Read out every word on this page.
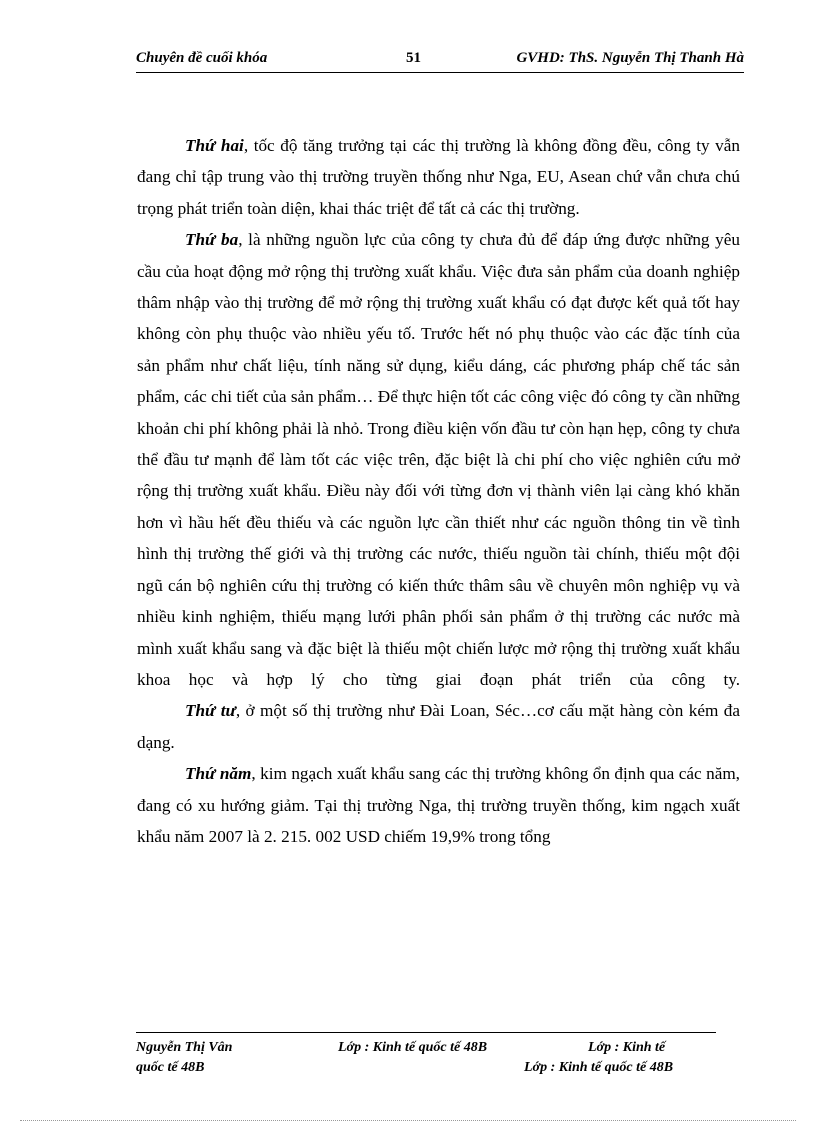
Chuyên đề cuối khóa	51	GVHD: ThS. Nguyễn Thị Thanh Hà

Thứ hai, tốc độ tăng trưởng tại các thị trường là không đồng đều, công ty vẫn đang chỉ tập trung vào thị trường truyền thống như Nga, EU, Asean chứ vẫn chưa chú trọng phát triển toàn diện, khai thác triệt để tất cả các thị trường.

Thứ ba, là những nguồn lực của công ty chưa đủ để đáp ứng được những yêu cầu của hoạt động mở rộng thị trường xuất khẩu. Việc đưa sản phẩm của doanh nghiệp thâm nhập vào thị trường để mở rộng thị trường xuất khẩu có đạt được kết quả tốt hay không còn phụ thuộc vào nhiều yếu tố. Trước hết nó phụ thuộc vào các đặc tính của sản phẩm như chất liệu, tính năng sử dụng, kiểu dáng, các phương pháp chế tác sản phẩm, các chi tiết của sản phẩm… Để thực hiện tốt các công việc đó công ty cần những khoản chi phí không phải là nhỏ. Trong điều kiện vốn đầu tư còn hạn hẹp, công ty chưa thể đầu tư mạnh để làm tốt các việc trên, đặc biệt là chi phí cho việc nghiên cứu mở rộng thị trường xuất khẩu. Điều này đối với từng đơn vị thành viên lại càng khó khăn hơn vì hầu hết đều thiếu và các nguồn lực cần thiết như các nguồn thông tin về tình hình thị trường thế giới và thị trường các nước, thiếu nguồn tài chính, thiếu một đội ngũ cán bộ nghiên cứu thị trường có kiến thức thâm sâu về chuyên môn nghiệp vụ và nhiều kinh nghiệm, thiếu mạng lưới phân phối sản phẩm ở thị trường các nước mà mình xuất khẩu sang và đặc biệt là thiếu một chiến lược mở rộng thị trường xuất khẩu khoa học và hợp lý cho từng giai đoạn phát triển của công ty.

Thứ tư, ở một số thị trường như Đài Loan, Séc…cơ cấu mặt hàng còn kém đa dạng.

Thứ năm, kim ngạch xuất khẩu sang các thị trường không ổn định qua các năm, đang có xu hướng giảm. Tại thị trường Nga, thị trường truyền thống, kim ngạch xuất khẩu năm 2007 là 2. 215. 002 USD chiếm 19,9% trong tổng

Nguyễn Thị Vân	Lớp : Kinh tế quốc tế 48B	Lớp : Kinh tế
quốc tế 48B	Lớp : Kinh tế quốc tế 48B
